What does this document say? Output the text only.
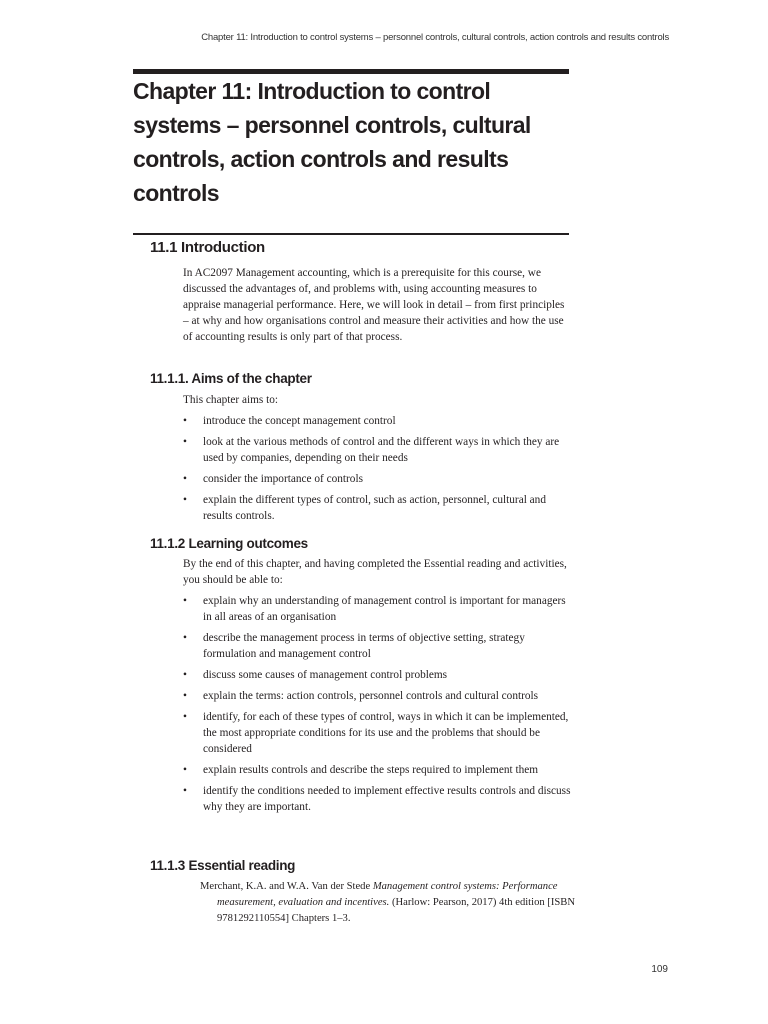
Chapter 11: Introduction to control systems – personnel controls, cultural controls, action controls and results controls
Chapter 11: Introduction to control systems – personnel controls, cultural controls, action controls and results controls
11.1 Introduction

In AC2097 Management accounting, which is a prerequisite for this course, we discussed the advantages of, and problems with, using accounting measures to appraise managerial performance. Here, we will look in detail – from first principles – at why and how organisations control and measure their activities and how the use of accounting results is only part of that process.

11.1.1. Aims of the chapter

This chapter aims to:

• introduce the concept management control
• look at the various methods of control and the different ways in which they are used by companies, depending on their needs
• consider the importance of controls
• explain the different types of control, such as action, personnel, cultural and results controls.
11.1.2 Learning outcomes

By the end of this chapter, and having completed the Essential reading and activities, you should be able to:

• explain why an understanding of management control is important for managers in all areas of an organisation
• describe the management process in terms of objective setting, strategy formulation and management control
• discuss some causes of management control problems
• explain the terms: action controls, personnel controls and cultural controls
• identify, for each of these types of control, ways in which it can be implemented, the most appropriate conditions for its use and the problems that should be considered
• explain results controls and describe the steps required to implement them
• identify the conditions needed to implement effective results controls and discuss why they are important.
11.1.3 Essential reading

Merchant, K.A. and W.A. Van der Stede Management control systems: Performance measurement, evaluation and incentives. (Harlow: Pearson, 2017) 4th edition [ISBN 9781292110554] Chapters 1–3.

109
